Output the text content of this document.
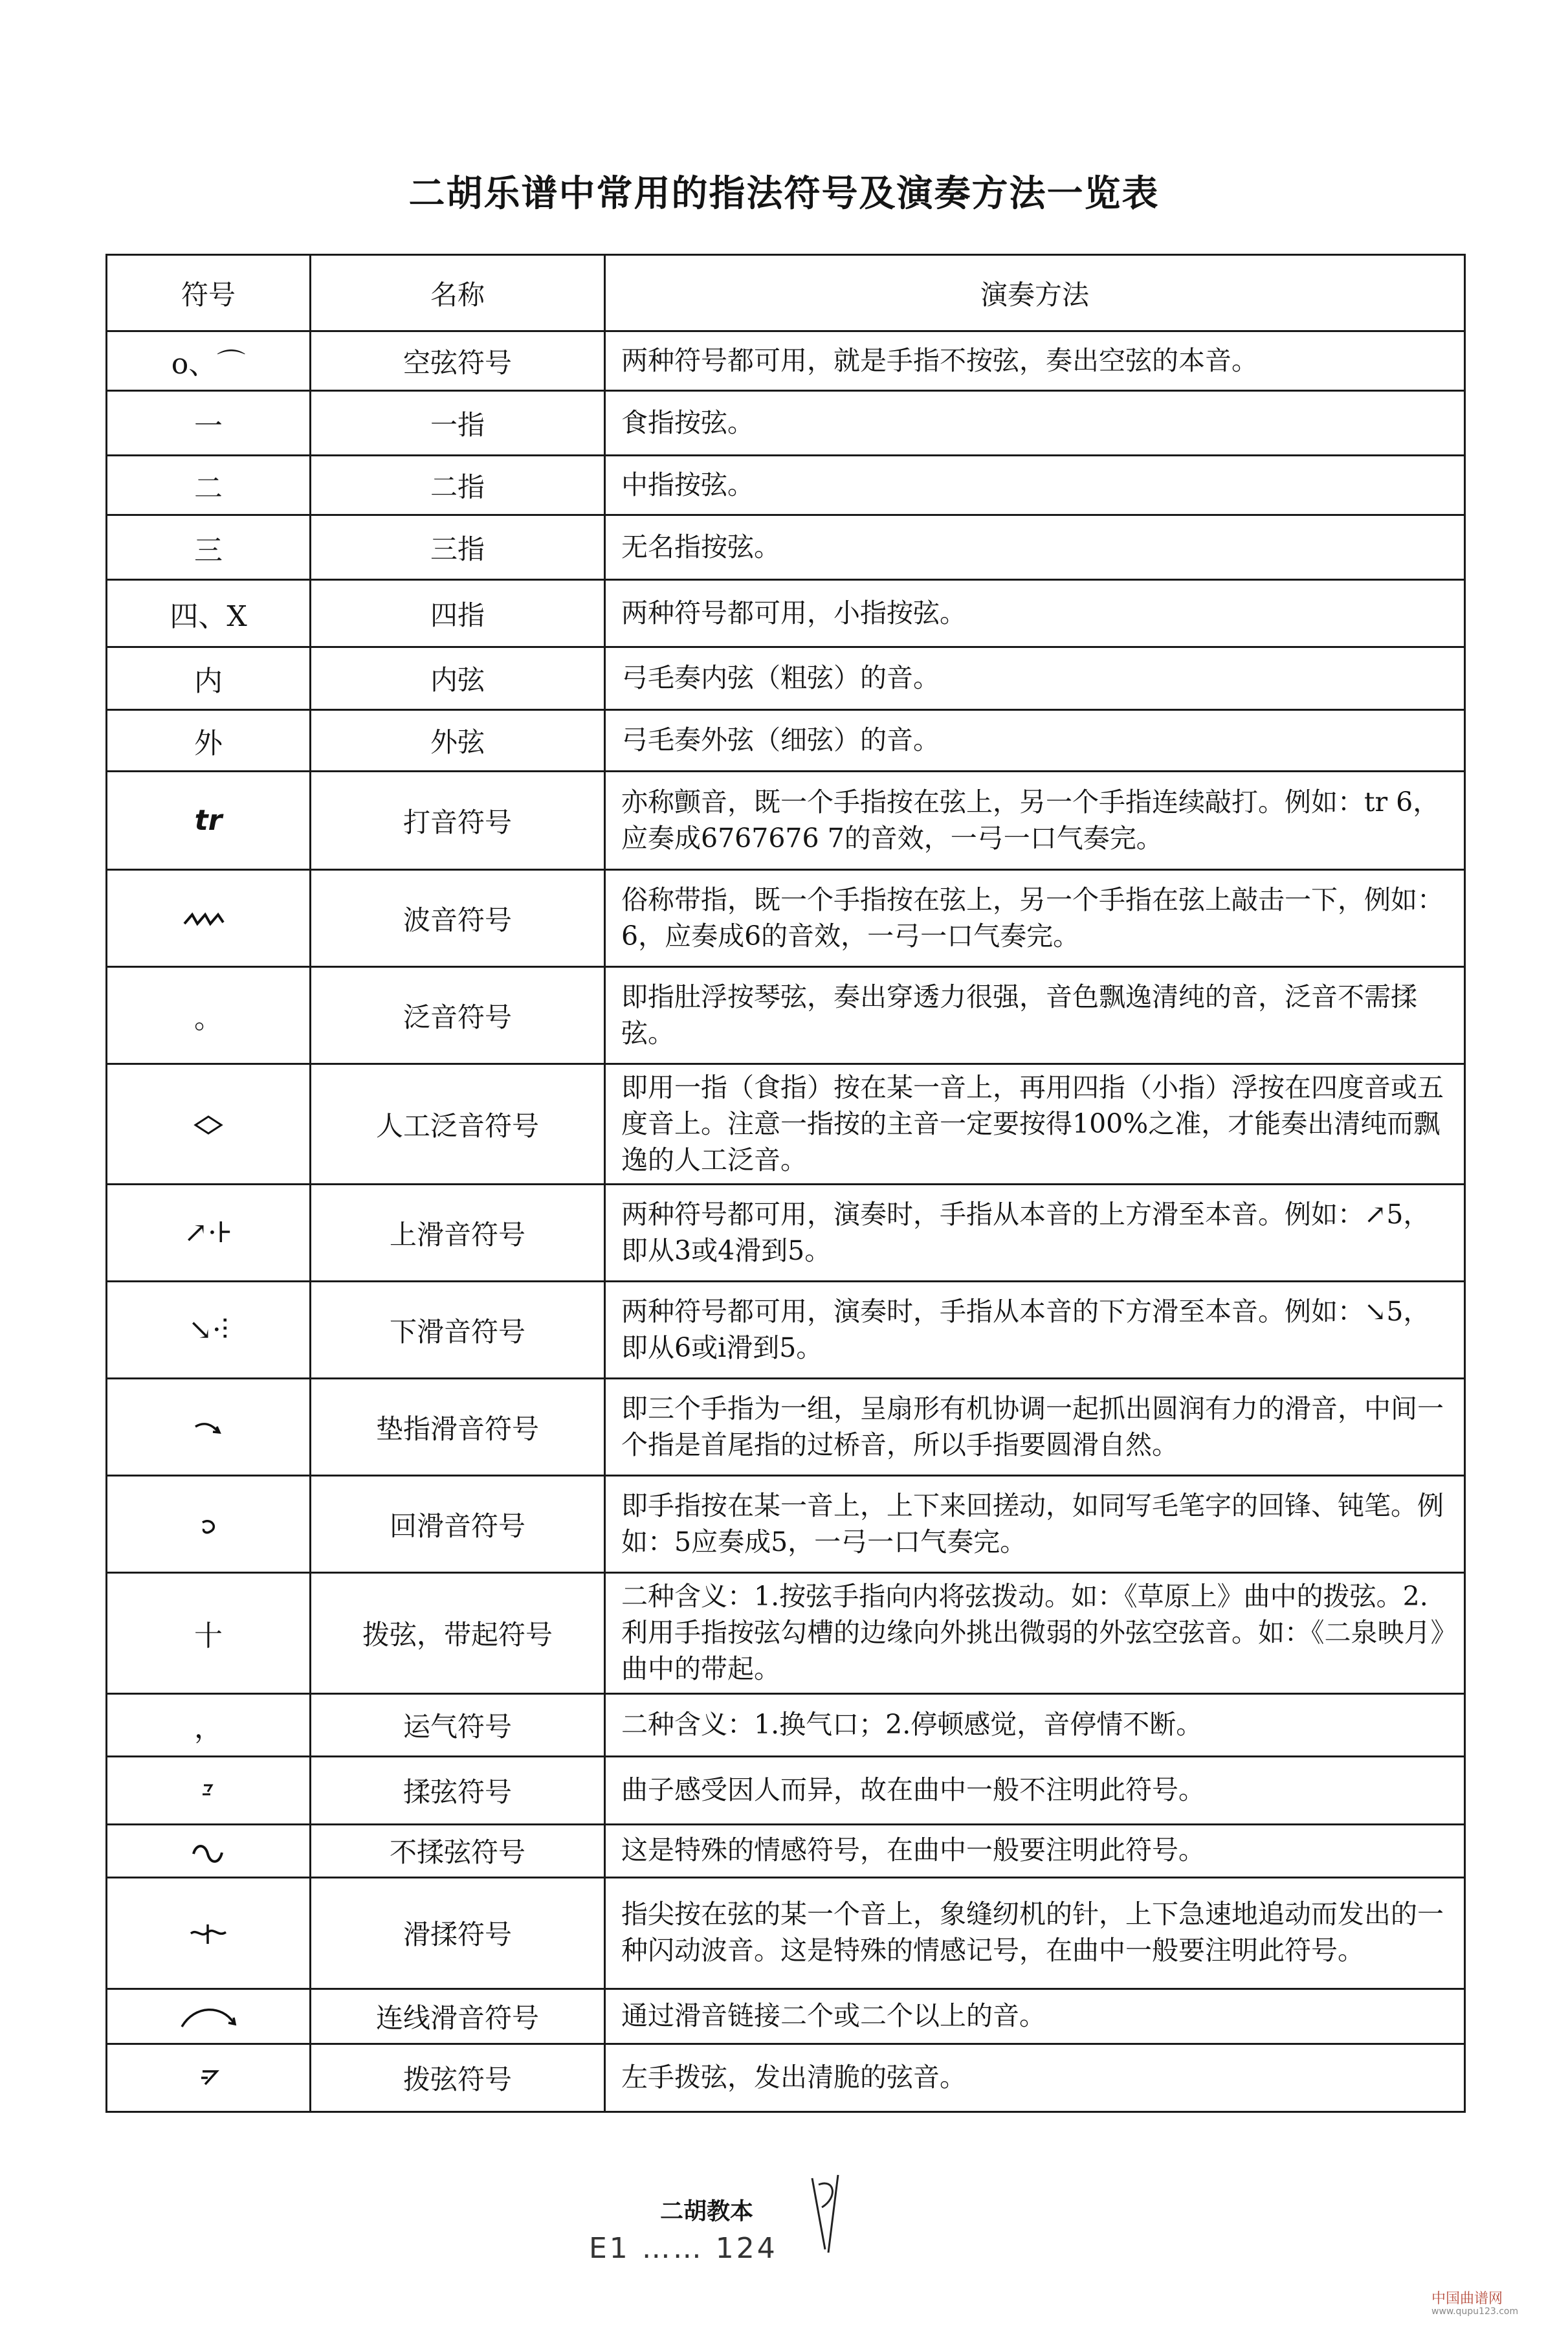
二胡乐谱中常用的指法符号及演奏方法一览表
符号	名称	演奏方法
o、⌒	空弦符号	两种符号都可用，就是手指不按弦，奏出空弦的本音。
一	一指	食指按弦。
二	二指	中指按弦。
三	三指	无名指按弦。
四、X	四指	两种符号都可用，小指按弦。
内	内弦	弓毛奏内弦（粗弦）的音。
外	外弦	弓毛奏外弦（细弦）的音。
tr	打音符号	亦称颤音，既一个手指按在弦上，另一个手指连续敲打。例如：tr 6，应奏成6767676 7的音效，一弓一口气奏完。

	波音符号	俗称带指，既一个手指按在弦上，另一个手指在弦上敲击一下，例如：6，应奏成6的音效，一弓一口气奏完。
。	泛音符号	即指肚浮按琴弦，奏出穿透力很强，音色飘逸清纯的音，泛音不需揉弦。

	人工泛音符号	即用一指（食指）按在某一音上，再用四指（小指）浮按在四度音或五度音上。注意一指按的主音一定要按得100%之准，才能奏出清纯而飘逸的人工泛音。
↗·⊦	上滑音符号	两种符号都可用，演奏时，手指从本音的上方滑至本音。例如：↗5，即从3或4滑到5。
↘·⫶	下滑音符号	两种符号都可用，演奏时，手指从本音的下方滑至本音。例如：↘5，即从6或i滑到5。

	垫指滑音符号	即三个手指为一组，呈扇形有机协调一起抓出圆润有力的滑音，中间一个指是首尾指的过桥音，所以手指要圆滑自然。

	回滑音符号	即手指按在某一音上，上下来回搓动，如同写毛笔字的回锋、钝笔。例如：5应奏成5，一弓一口气奏完。
十	拨弦，带起符号	二种含义：1.按弦手指向内将弦拨动。如：《草原上》曲中的拨弦。2.利用手指按弦勾槽的边缘向外挑出微弱的外弦空弦音。如：《二泉映月》曲中的带起。
，	运气符号	二种含义：1.换气口；2.停顿感觉，音停情不断。

	揉弦符号	曲子感受因人而异，故在曲中一般不注明此符号。

	不揉弦符号	这是特殊的情感符号，在曲中一般要注明此符号。

	滑揉符号	指尖按在弦的某一个音上，象缝纫机的针，上下急速地追动而发出的一种闪动波音。这是特殊的情感记号，在曲中一般要注明此符号。

	连线滑音符号	通过滑音链接二个或二个以上的音。

	拨弦符号	左手拨弦，发出清脆的弦音。
二胡教本
E1 …… 124
中国曲谱网
www.qupu123.com
